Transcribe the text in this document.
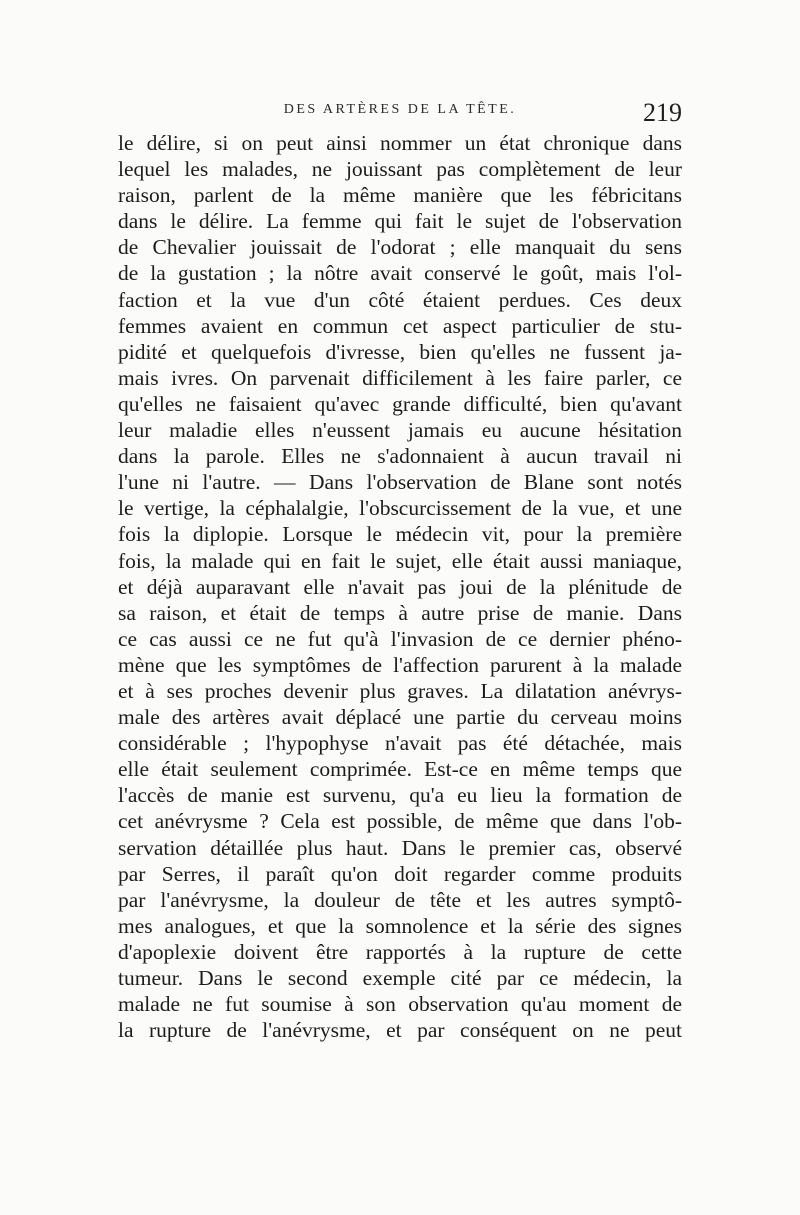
DES ARTÈRES DE LA TÊTE.	219
le délire, si on peut ainsi nommer un état chronique dans
lequel les malades, ne jouissant pas complètement de leur
raison, parlent de la même manière que les fébricitans
dans le délire. La femme qui fait le sujet de l'observation
de Chevalier jouissait de l'odorat ; elle manquait du sens
de la gustation ; la nôtre avait conservé le goût, mais l'ol-
faction et la vue d'un côté étaient perdues. Ces deux
femmes avaient en commun cet aspect particulier de stu-
pidité et quelquefois d'ivresse, bien qu'elles ne fussent ja-
mais ivres. On parvenait difficilement à les faire parler, ce
qu'elles ne faisaient qu'avec grande difficulté, bien qu'avant
leur maladie elles n'eussent jamais eu aucune hésitation
dans la parole. Elles ne s'adonnaient à aucun travail ni
l'une ni l'autre. — Dans l'observation de Blane sont notés
le vertige, la céphalalgie, l'obscurcissement de la vue, et une
fois la diplopie. Lorsque le médecin vit, pour la première
fois, la malade qui en fait le sujet, elle était aussi maniaque,
et déjà auparavant elle n'avait pas joui de la plénitude de
sa raison, et était de temps à autre prise de manie. Dans
ce cas aussi ce ne fut qu'à l'invasion de ce dernier phéno-
mène que les symptômes de l'affection parurent à la malade
et à ses proches devenir plus graves. La dilatation anévrys-
male des artères avait déplacé une partie du cerveau moins
considérable ; l'hypophyse n'avait pas été détachée, mais
elle était seulement comprimée. Est-ce en même temps que
l'accès de manie est survenu, qu'a eu lieu la formation de
cet anévrysme ? Cela est possible, de même que dans l'ob-
servation détaillée plus haut. Dans le premier cas, observé
par Serres, il paraît qu'on doit regarder comme produits
par l'anévrysme, la douleur de tête et les autres symptô-
mes analogues, et que la somnolence et la série des signes
d'apoplexie doivent être rapportés à la rupture de cette
tumeur. Dans le second exemple cité par ce médecin, la
malade ne fut soumise à son observation qu'au moment de
la rupture de l'anévrysme, et par conséquent on ne peut
